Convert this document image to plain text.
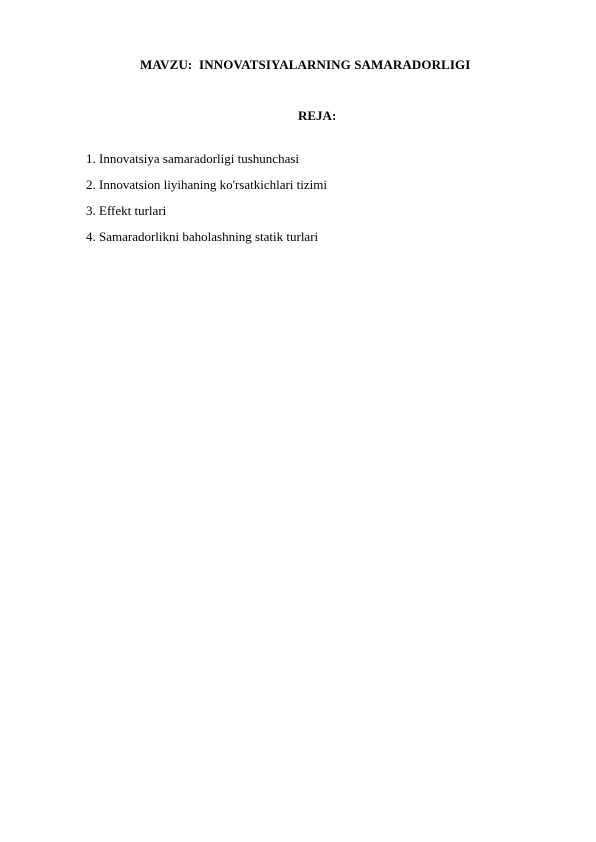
MAVZU:  INNOVATSIYALARNING SAMARADORLIGI
REJA:
1. Innovatsiya samaradorligi tushunchasi
2. Innovatsion liyihaning ko'rsatkichlari tizimi
3. Effekt turlari
4. Samaradorlikni baholashning statik turlari
